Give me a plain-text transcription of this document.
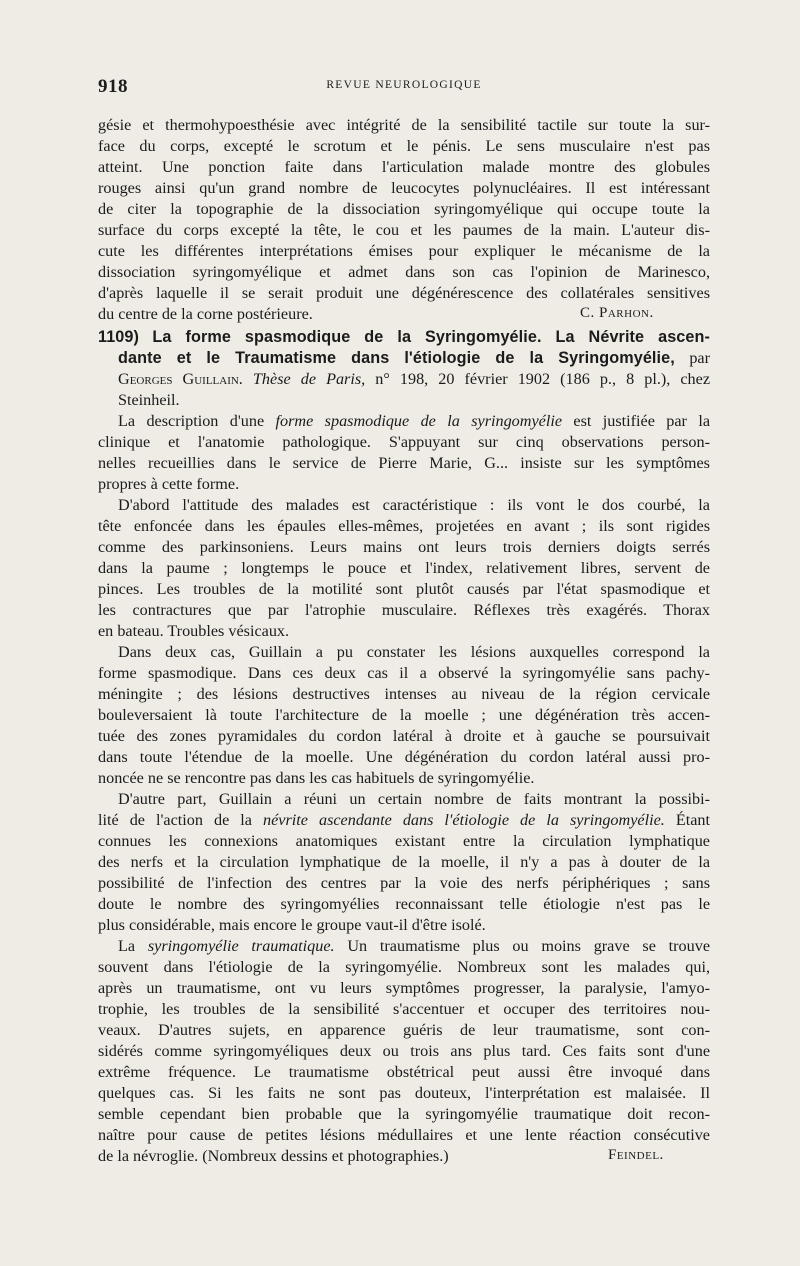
918	REVUE NEUROLOGIQUE
gésie et thermohypoesthésie avec intégrité de la sensibilité tactile sur toute la sur-
face du corps, excepté le scrotum et le pénis. Le sens musculaire n'est pas
atteint. Une ponction faite dans l'articulation malade montre des globules
rouges ainsi qu'un grand nombre de leucocytes polynucléaires. Il est intéressant
de citer la topographie de la dissociation syringomyélique qui occupe toute la
surface du corps excepté la tête, le cou et les paumes de la main. L'auteur dis-
cute les différentes interprétations émises pour expliquer le mécanisme de la
dissociation syringomyélique et admet dans son cas l'opinion de Marinesco,
d'après laquelle il se serait produit une dégénérescence des collatérales sensitives
du centre de la corne postérieure.	C. Parhon.
1109) La forme spasmodique de la Syringomyélie. La Névrite ascen-
dante et le Traumatisme dans l'étiologie de la Syringomyélie, par
Georges Guillain. Thèse de Paris, n° 198, 20 février 1902 (186 p., 8 pl.), chez
Steinheil.
La description d'une forme spasmodique de la syringomyélie est justifiée par la
clinique et l'anatomie pathologique. S'appuyant sur cinq observations person-
nelles recueillies dans le service de Pierre Marie, G... insiste sur les symptômes
propres à cette forme.
D'abord l'attitude des malades est caractéristique : ils vont le dos courbé, la
tête enfoncée dans les épaules elles-mêmes, projetées en avant ; ils sont rigides
comme des parkinsoniens. Leurs mains ont leurs trois derniers doigts serrés
dans la paume ; longtemps le pouce et l'index, relativement libres, servent de
pinces. Les troubles de la motilité sont plutôt causés par l'état spasmodique et
les contractures que par l'atrophie musculaire. Réflexes très exagérés. Thorax
en bateau. Troubles vésicaux.
Dans deux cas, Guillain a pu constater les lésions auxquelles correspond la
forme spasmodique. Dans ces deux cas il a observé la syringomyélie sans pachy-
méningite ; des lésions destructives intenses au niveau de la région cervicale
bouleversaient là toute l'architecture de la moelle ; une dégénération très accen-
tuée des zones pyramidales du cordon latéral à droite et à gauche se poursuivait
dans toute l'étendue de la moelle. Une dégénération du cordon latéral aussi pro-
noncée ne se rencontre pas dans les cas habituels de syringomyélie.
D'autre part, Guillain a réuni un certain nombre de faits montrant la possibi-
lité de l'action de la névrite ascendante dans l'étiologie de la syringomyélie. Étant
connues les connexions anatomiques existant entre la circulation lymphatique
des nerfs et la circulation lymphatique de la moelle, il n'y a pas à douter de la
possibilité de l'infection des centres par la voie des nerfs périphériques ; sans
doute le nombre des syringomyélies reconnaissant telle étiologie n'est pas le
plus considérable, mais encore le groupe vaut-il d'être isolé.
La syringomyélie traumatique. Un traumatisme plus ou moins grave se trouve
souvent dans l'étiologie de la syringomyélie. Nombreux sont les malades qui,
après un traumatisme, ont vu leurs symptômes progresser, la paralysie, l'amyo-
trophie, les troubles de la sensibilité s'accentuer et occuper des territoires nou-
veaux. D'autres sujets, en apparence guéris de leur traumatisme, sont con-
sidérés comme syringomyéliques deux ou trois ans plus tard. Ces faits sont d'une
extrême fréquence. Le traumatisme obstétrical peut aussi être invoqué dans
quelques cas. Si les faits ne sont pas douteux, l'interprétation est malaisée. Il
semble cependant bien probable que la syringomyélie traumatique doit recon-
naître pour cause de petites lésions médullaires et une lente réaction consécutive
de la névroglie. (Nombreux dessins et photographies.)	Feindel.
